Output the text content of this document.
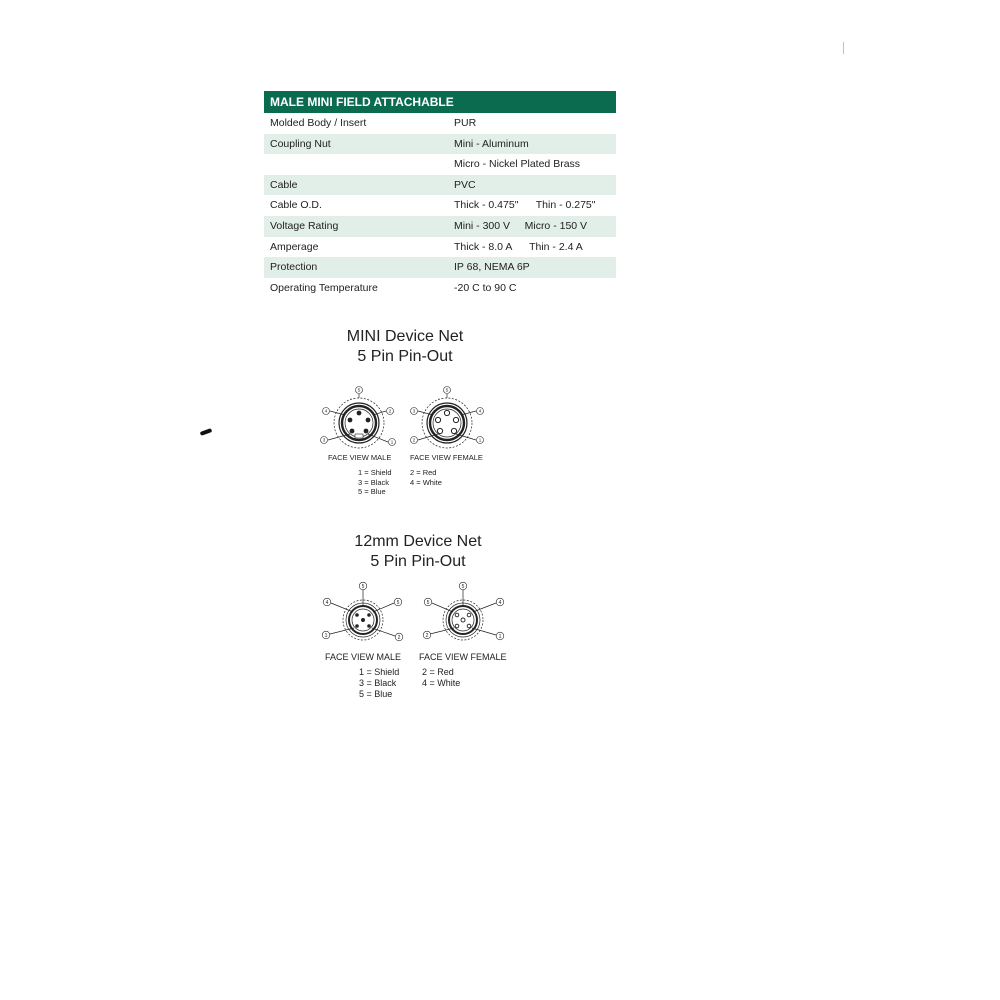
MALE MINI FIELD ATTACHABLE
Molded Body / Insert	PUR
Coupling Nut	Mini - Aluminum
Micro - Nickel Plated Brass
Cable	PVC
Cable O.D.	Thick - 0.475"      Thin - 0.275"
Voltage Rating	Mini - 300 V     Micro - 150 V
Amperage	Thick - 8.0 A      Thin - 2.4 A
Protection	IP 68, NEMA 6P
Operating Temperature	-20 C to 90 C
MINI Device Net
5 Pin Pin-Out
5
4	2
3	1
5
3	4
2	1
FACE VIEW MALE FACE VIEW FEMALE
1 = Shield
3 = Black
5 = Blue
2 = Red
4 = White
12mm Device Net
5 Pin Pin-Out
5
4	5
1	2
5
5	4
2	1
FACE VIEW MALE FACE VIEW FEMALE
1 = Shield
3 = Black
5 = Blue
2 = Red
4 = White
